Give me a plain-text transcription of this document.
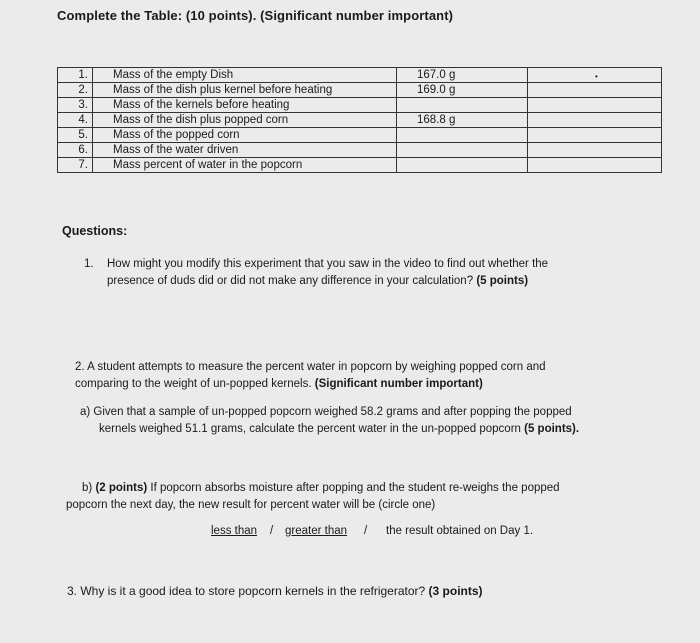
Complete the Table: (10 points). (Significant number important)
1.	Mass of the empty Dish	167.0 g	
2.	Mass of the dish plus kernel before heating	169.0 g	
3.	Mass of the kernels before heating		
4.	Mass of the dish plus popped corn	168.8 g	
5.	Mass of the popped corn		
6.	Mass of the water driven		
7.	Mass percent of water in the popcorn		
•
Questions:
1. How might you modify this experiment that you saw in the video to find out whether the
presence of duds did or did not make any difference in your calculation? (5 points)
2. A student attempts to measure the percent water in popcorn by weighing popped corn and
comparing to the weight of un-popped kernels. (Significant number important)
a) Given that a sample of un-popped popcorn weighed 58.2 grams and after popping the popped
kernels weighed 51.1 grams, calculate the percent water in the un-popped popcorn (5 points).
b) (2 points) If popcorn absorbs moisture after popping and the student re-weighs the popped
popcorn the next day, the new result for percent water will be (circle one)
less than / greater than / the result obtained on Day 1.
3. Why is it a good idea to store popcorn kernels in the refrigerator? (3 points)
